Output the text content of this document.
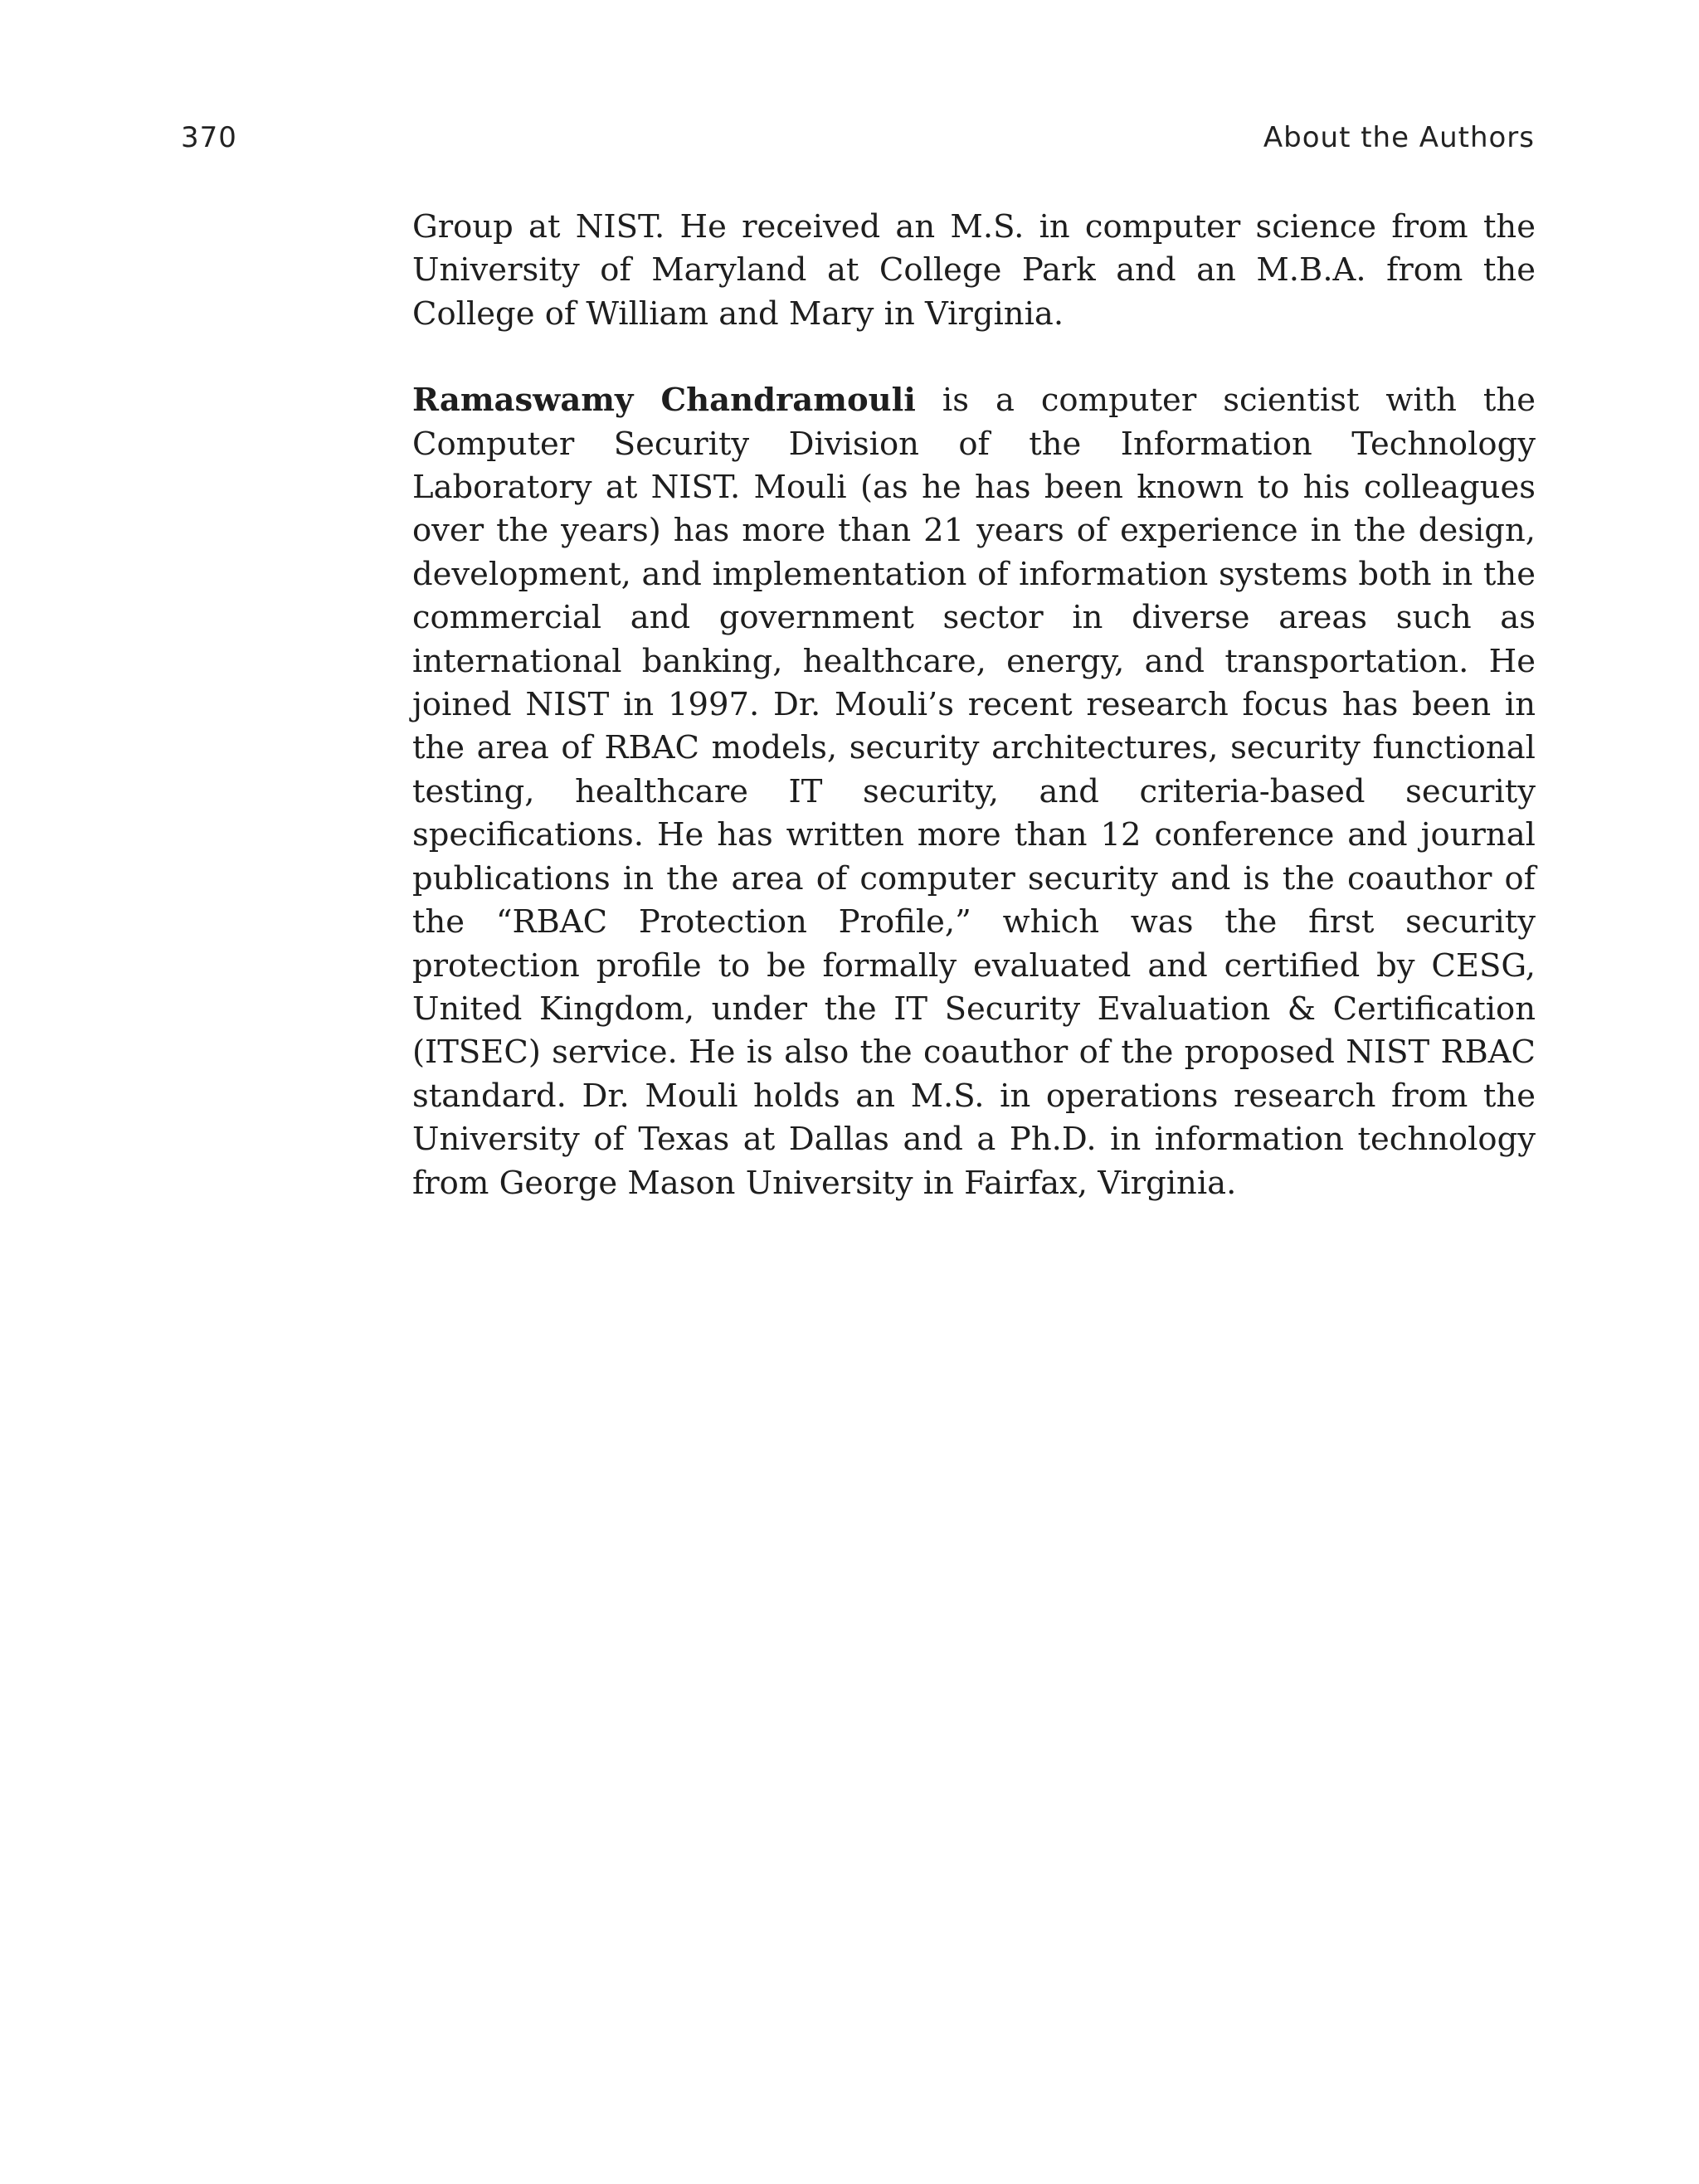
370	About the Authors

Group at NIST. He received an M.S. in computer science from the University of Maryland at College Park and an M.B.A. from the College of William and Mary in Virginia.

Ramaswamy Chandramouli is a computer scientist with the Computer Security Division of the Information Technology Laboratory at NIST. Mouli (as he has been known to his colleagues over the years) has more than 21 years of experience in the design, development, and implementation of information systems both in the commercial and government sector in diverse areas such as international banking, healthcare, energy, and transportation. He joined NIST in 1997. Dr. Mouli’s recent research focus has been in the area of RBAC models, security architectures, security functional testing, healthcare IT security, and criteria-based security specifications. He has written more than 12 conference and journal publications in the area of computer security and is the coauthor of the “RBAC Protection Profile,” which was the first security protection profile to be formally evaluated and certified by CESG, United Kingdom, under the IT Security Evaluation & Certification (ITSEC) service. He is also the coauthor of the proposed NIST RBAC standard. Dr. Mouli holds an M.S. in operations research from the University of Texas at Dallas and a Ph.D. in information technology from George Mason University in Fairfax, Virginia.
